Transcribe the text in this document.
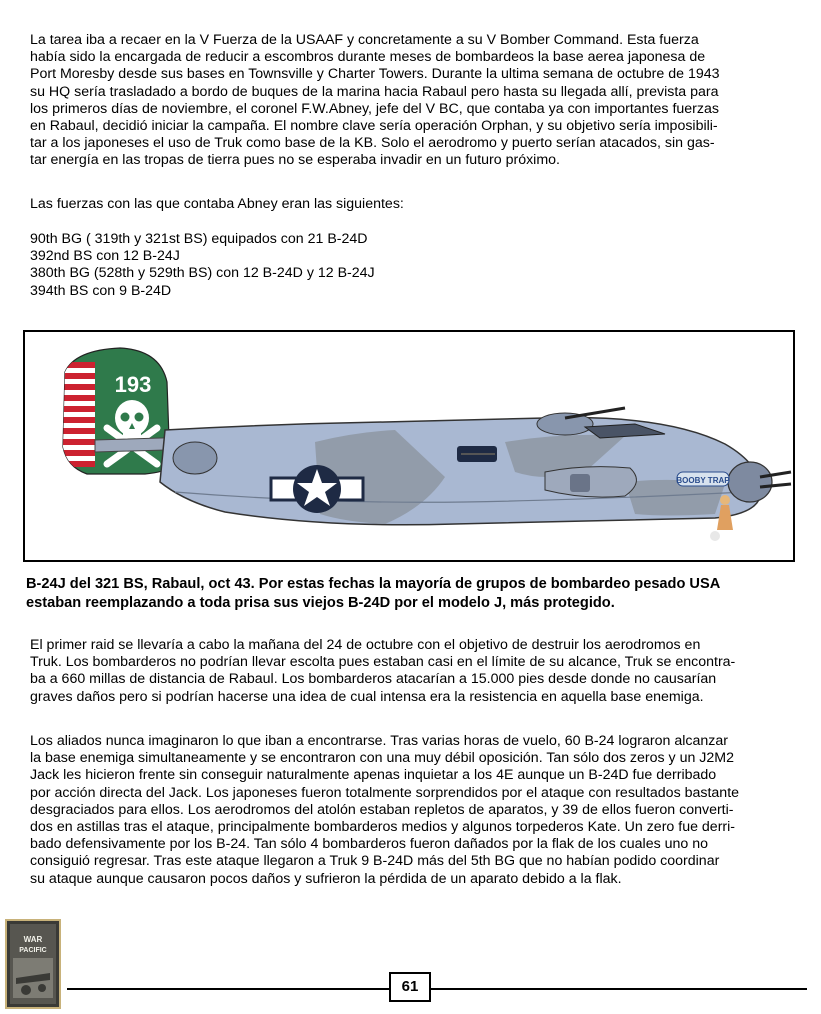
La tarea iba a recaer en la V Fuerza de la USAAF y concretamente a su V Bomber Command. Esta fuerza
había sido la encargada de reducir a escombros durante meses de bombardeos la base aerea japonesa de
Port Moresby desde sus bases en Townsville y Charter Towers. Durante la ultima semana de octubre de 1943
su HQ sería trasladado a bordo de buques de la marina hacia Rabaul pero hasta su llegada allí, prevista para
los primeros días de noviembre, el coronel F.W.Abney, jefe del V BC, que contaba ya con importantes fuerzas
en Rabaul, decidió iniciar la campaña. El nombre clave sería operación Orphan, y su objetivo sería imposibili-
tar a los japoneses el uso de Truk como base de la KB. Solo el aerodromo y puerto serían atacados, sin gas-
tar energía en las tropas de tierra pues no se esperaba invadir en un futuro próximo.

Las fuerzas con las que contaba Abney eran las siguientes:

90th BG ( 319th y 321st BS) equipados con 21 B-24D
392nd BS con 12 B-24J
380th BG (528th y 529th BS) con 12 B-24D y 12 B-24J
394th BS con 9 B-24D
193
BOOBY TRAP

B-24J del 321 BS, Rabaul, oct 43. Por estas fechas la mayoría de grupos de bombardeo pesado USA
estaban reemplazando a toda prisa sus viejos B-24D por el modelo J, más protegido.

El primer raid se llevaría a cabo la mañana del 24 de octubre con el objetivo de destruir los aerodromos en
Truk. Los bombarderos no podrían llevar escolta pues estaban casi en el límite de su alcance, Truk se encontra-
ba a 660 millas de distancia de Rabaul. Los bombarderos atacarían a 15.000 pies desde donde no causarían
graves daños pero si podrían hacerse una idea de cual intensa era la resistencia en aquella base enemiga.
Los aliados nunca imaginaron lo que iban a encontrarse. Tras varias horas de vuelo, 60 B-24 lograron alcanzar
la base enemiga simultaneamente y se encontraron con una muy débil oposición. Tan sólo dos zeros y un J2M2
Jack les hicieron frente sin conseguir naturalmente apenas inquietar a los 4E aunque un B-24D fue derribado
por acción directa del Jack. Los japoneses fueron totalmente sorprendidos por el ataque con resultados bastante
desgraciados para ellos. Los aerodromos del atolón estaban repletos de aparatos, y 39 de ellos fueron converti-
dos en astillas tras el ataque, principalmente bombarderos medios y algunos torpederos Kate. Un zero fue derri-
bado defensivamente por los B-24. Tan sólo 4 bombarderos fueron dañados por la flak de los cuales uno no
consiguió regresar. Tras este ataque llegaron a Truk 9 B-24D más del 5th BG que no habían podido coordinar
su ataque aunque causaron pocos daños y sufrieron la pérdida de un aparato debido a la flak.
WAR
PACIFIC
61
